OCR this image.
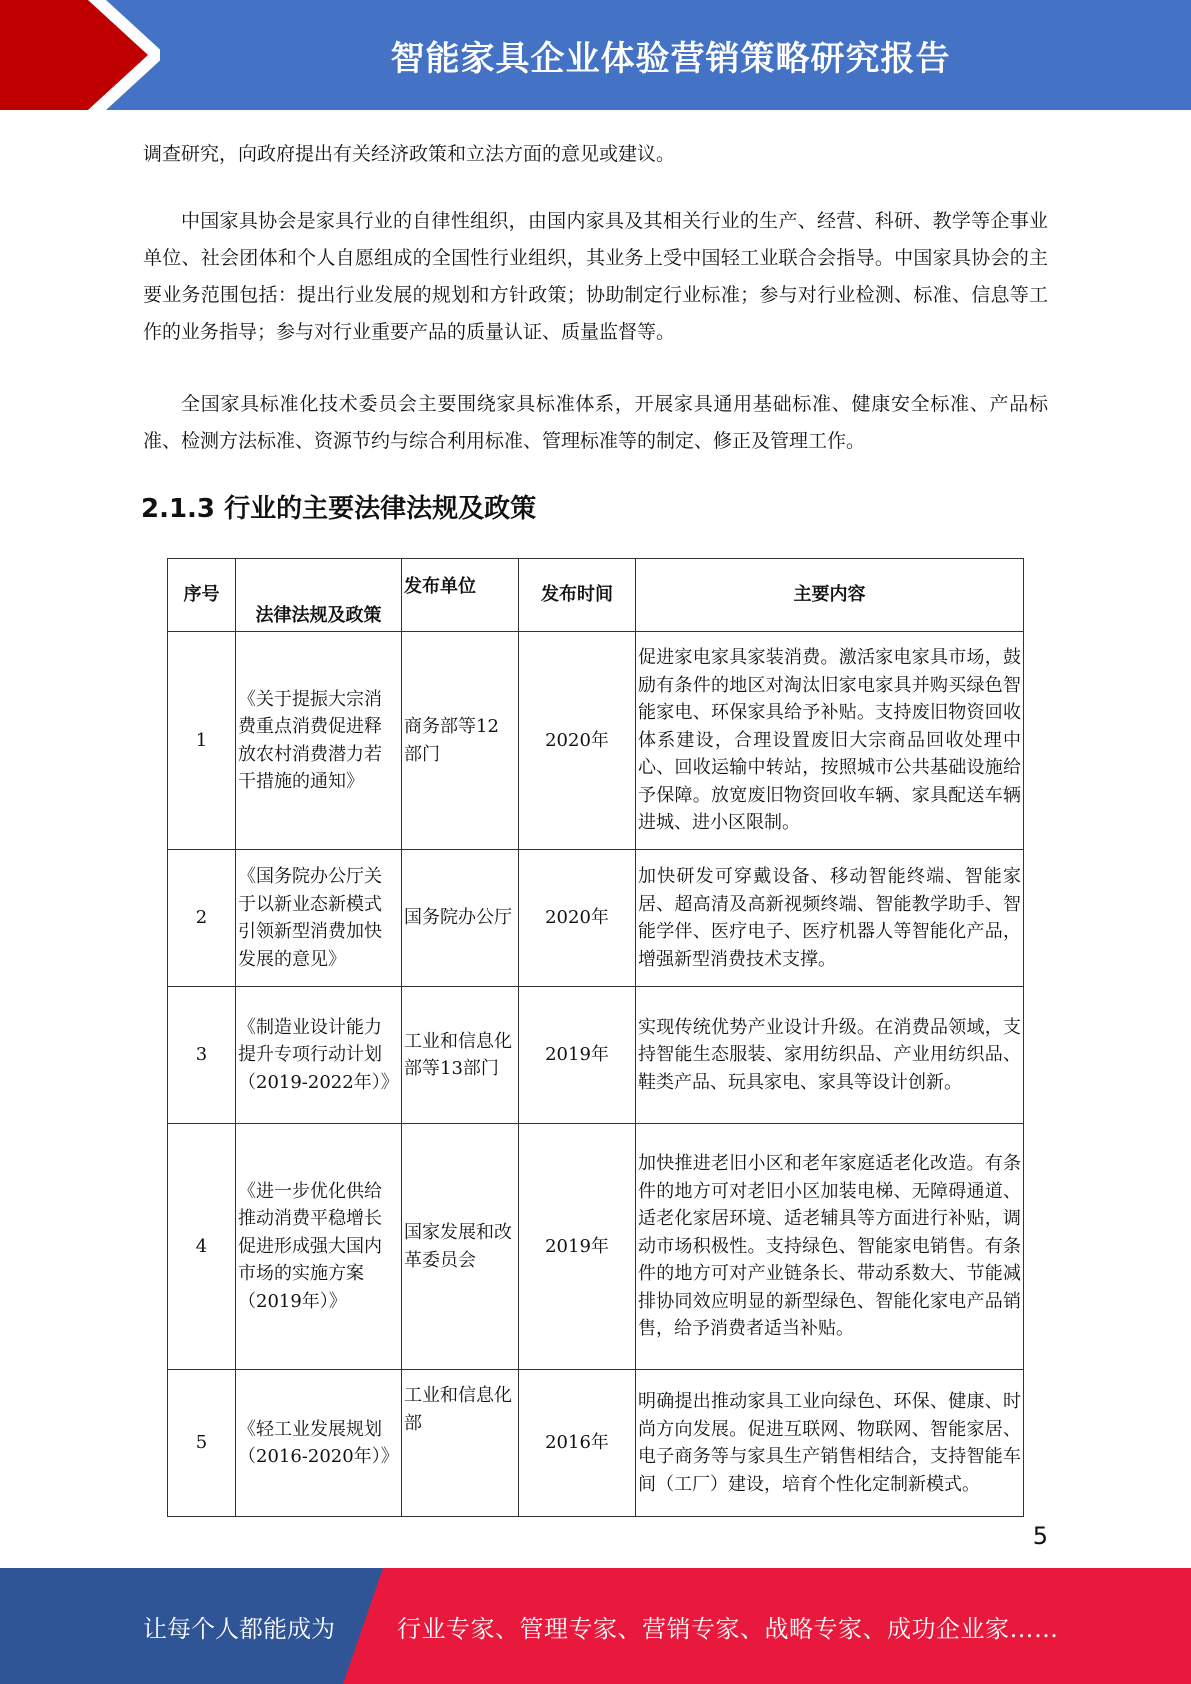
智能家具企业体验营销策略研究报告

调查研究，向政府提出有关经济政策和立法方面的意见或建议。

中国家具协会是家具行业的自律性组织，由国内家具及其相关行业的生产、经营、科研、教学等企事业单位、社会团体和个人自愿组成的全国性行业组织，其业务上受中国轻工业联合会指导。中国家具协会的主要业务范围包括：提出行业发展的规划和方针政策；协助制定行业标准；参与对行业检测、标准、信息等工作的业务指导；参与对行业重要产品的质量认证、质量监督等。

全国家具标准化技术委员会主要围绕家具标准体系，开展家具通用基础标准、健康安全标准、产品标准、检测方法标准、资源节约与综合利用标准、管理标准等的制定、修正及管理工作。

2.1.3 行业的主要法律法规及政策
序号	法律法规及政策	发布单位	发布时间	主要内容
1	《关于提振大宗消费重点消费促进释放农村消费潜力若干措施的通知》	商务部等12部门	2020年	促进家电家具家装消费。激活家电家具市场，鼓励有条件的地区对淘汰旧家电家具并购买绿色智能家电、环保家具给予补贴。支持废旧物资回收体系建设，合理设置废旧大宗商品回收处理中心、回收运输中转站，按照城市公共基础设施给予保障。放宽废旧物资回收车辆、家具配送车辆进城、进小区限制。
2	《国务院办公厅关于以新业态新模式引领新型消费加快发展的意见》	国务院办公厅	2020年	加快研发可穿戴设备、移动智能终端、智能家居、超高清及高新视频终端、智能教学助手、智能学伴、医疗电子、医疗机器人等智能化产品，增强新型消费技术支撑。
3	《制造业设计能力提升专项行动计划（2019-2022年）》	工业和信息化部等13部门	2019年	实现传统优势产业设计升级。在消费品领域，支持智能生态服装、家用纺织品、产业用纺织品、鞋类产品、玩具家电、家具等设计创新。
4	《进一步优化供给推动消费平稳增长促进形成强大国内市场的实施方案（2019年）》	国家发展和改革委员会	2019年	加快推进老旧小区和老年家庭适老化改造。有条件的地方可对老旧小区加装电梯、无障碍通道、适老化家居环境、适老辅具等方面进行补贴，调动市场积极性。支持绿色、智能家电销售。有条件的地方可对产业链条长、带动系数大、节能减排协同效应明显的新型绿色、智能化家电产品销售，给予消费者适当补贴。
5	《轻工业发展规划（2016-2020年）》	工业和信息化部	2016年	明确提出推动家具工业向绿色、环保、健康、时尚方向发展。促进互联网、物联网、智能家居、电子商务等与家具生产销售相结合，支持智能车间（工厂）建设，培育个性化定制新模式。
5
让每个人都能成为	行业专家、管理专家、营销专家、战略专家、成功企业家……
